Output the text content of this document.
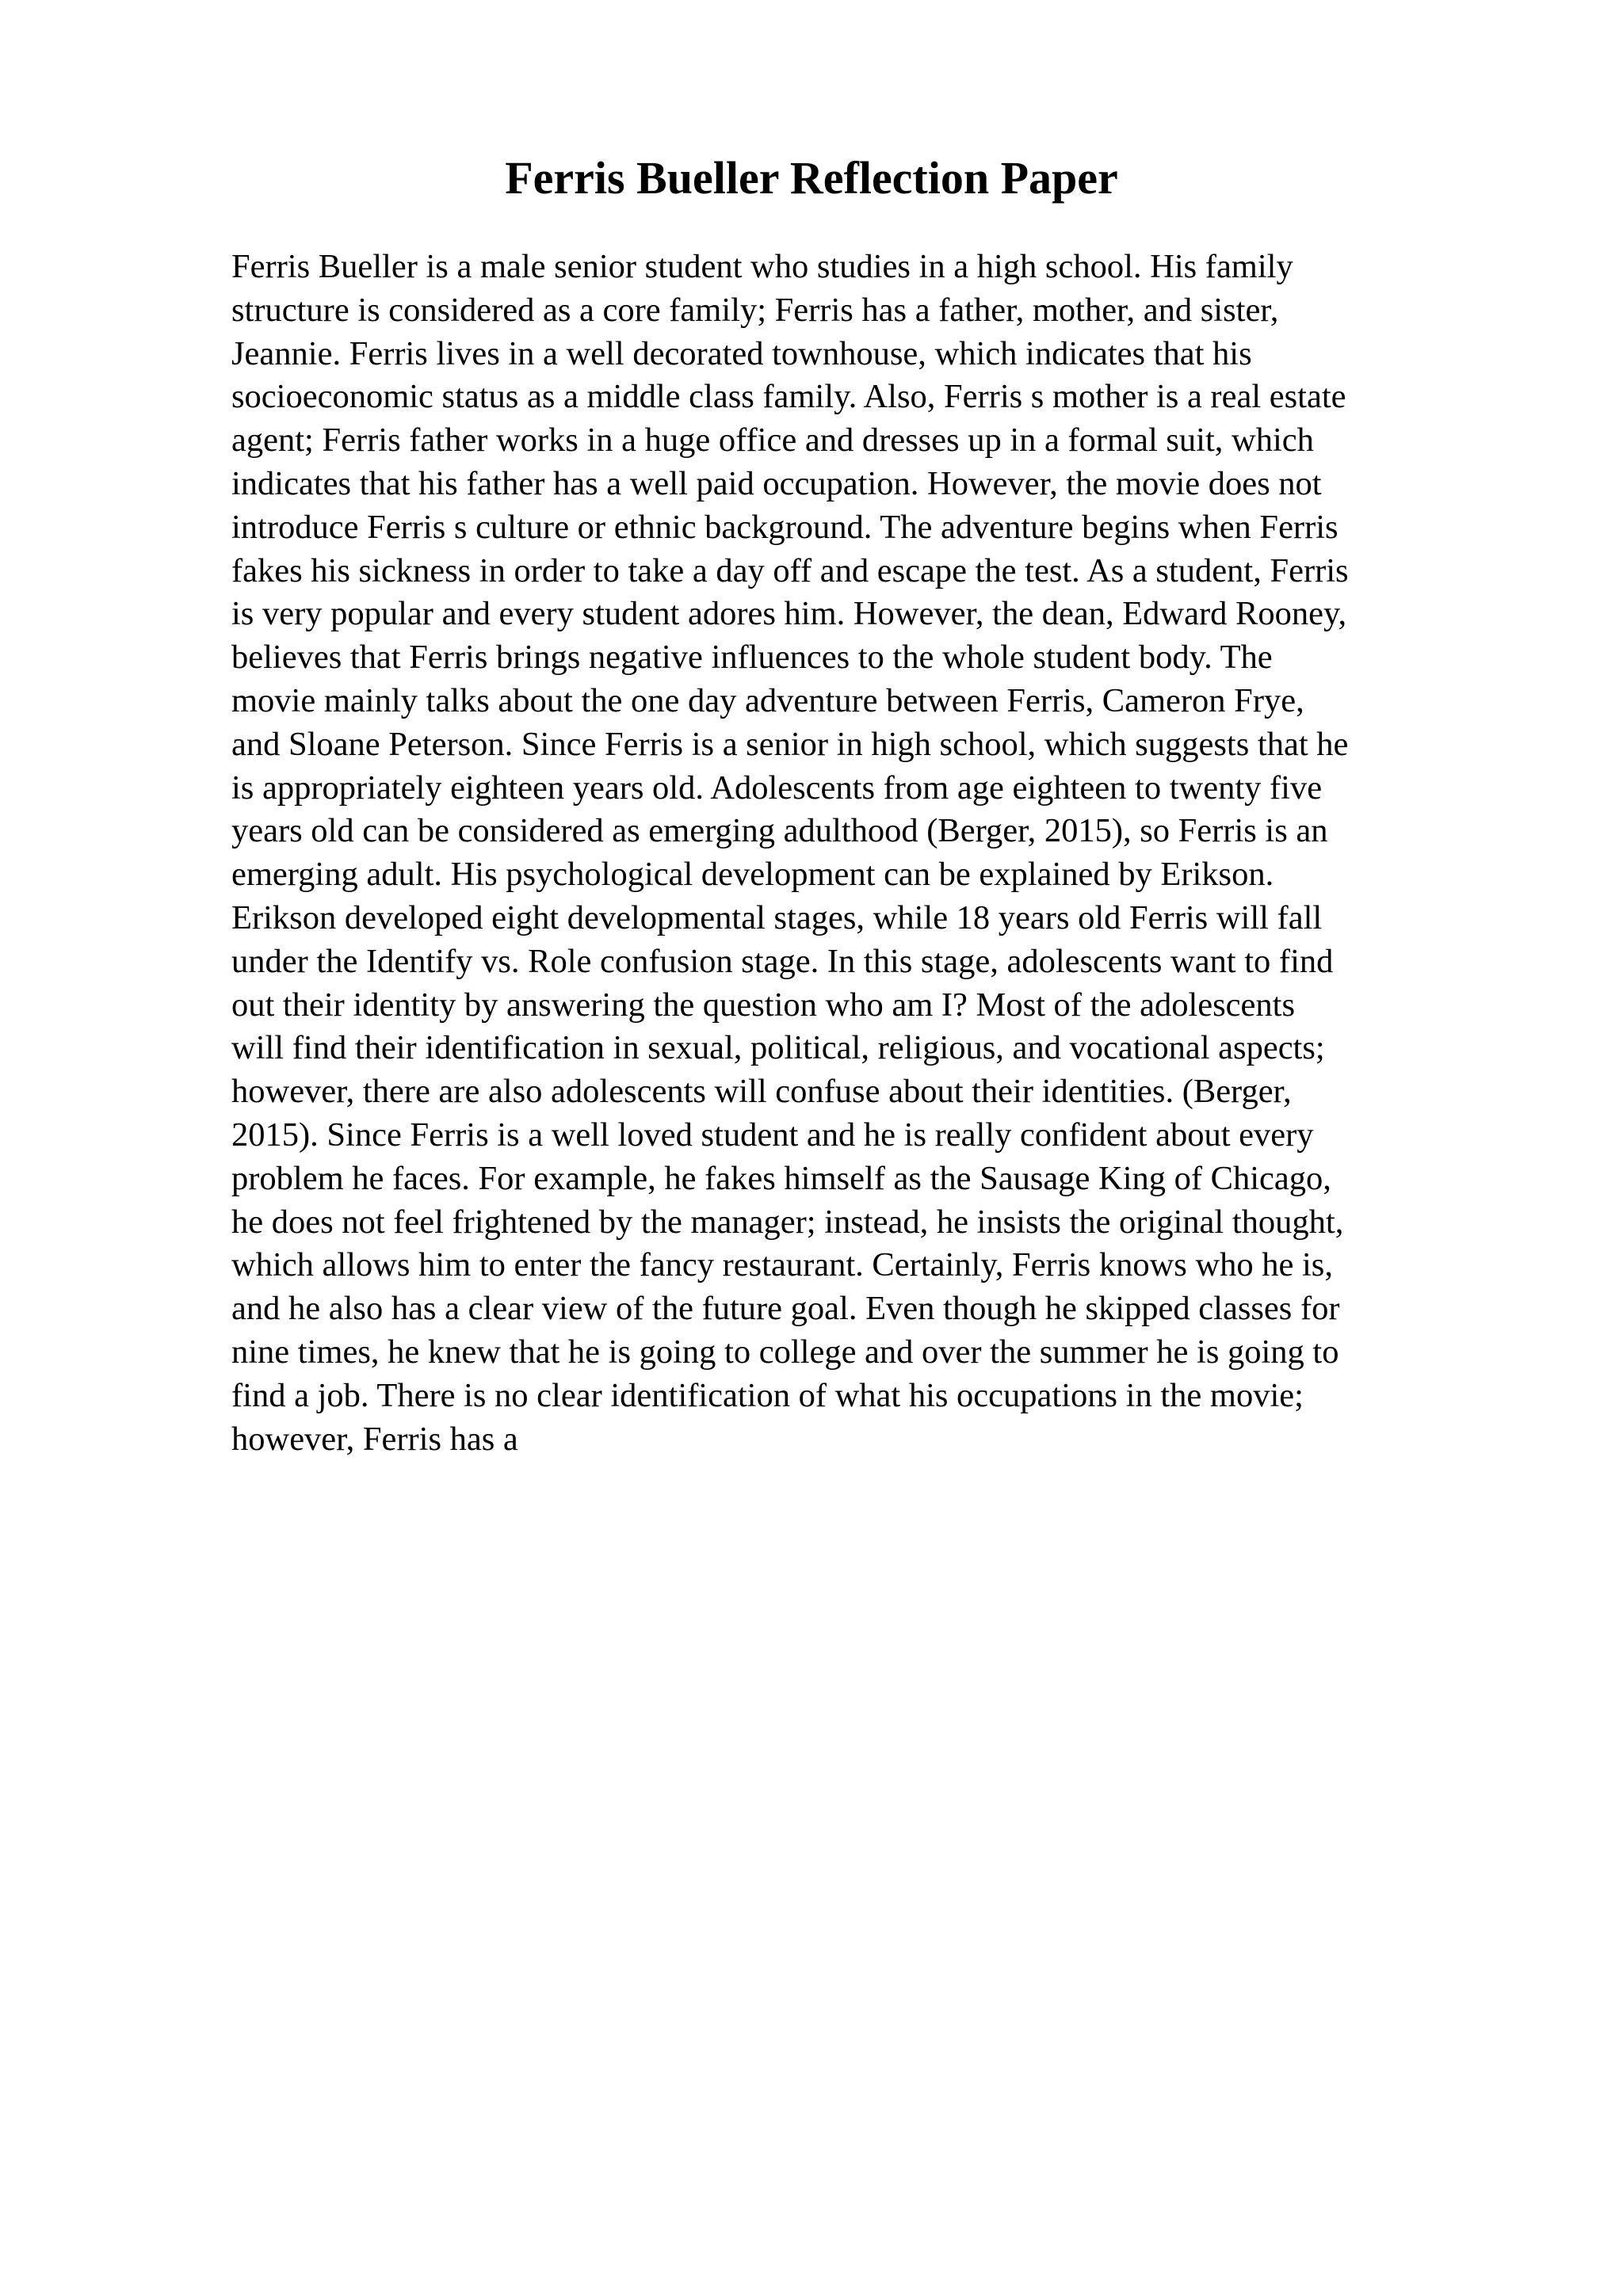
Ferris Bueller Reflection Paper
Ferris Bueller is a male senior student who studies in a high school. His family
structure is considered as a core family; Ferris has a father, mother, and sister,
Jeannie. Ferris lives in a well decorated townhouse, which indicates that his
socioeconomic status as a middle class family. Also, Ferris s mother is a real estate
agent; Ferris father works in a huge office and dresses up in a formal suit, which
indicates that his father has a well paid occupation. However, the movie does not
introduce Ferris s culture or ethnic background. The adventure begins when Ferris
fakes his sickness in order to take a day off and escape the test. As a student, Ferris
is very popular and every student adores him. However, the dean, Edward Rooney,
believes that Ferris brings negative influences to the whole student body. The
movie mainly talks about the one day adventure between Ferris, Cameron Frye,
and Sloane Peterson. Since Ferris is a senior in high school, which suggests that he
is appropriately eighteen years old. Adolescents from age eighteen to twenty five
years old can be considered as emerging adulthood (Berger, 2015), so Ferris is an
emerging adult. His psychological development can be explained by Erikson.
Erikson developed eight developmental stages, while 18 years old Ferris will fall
under the Identify vs. Role confusion stage. In this stage, adolescents want to find
out their identity by answering the question who am I? Most of the adolescents
will find their identification in sexual, political, religious, and vocational aspects;
however, there are also adolescents will confuse about their identities. (Berger,
2015). Since Ferris is a well loved student and he is really confident about every
problem he faces. For example, he fakes himself as the Sausage King of Chicago,
he does not feel frightened by the manager; instead, he insists the original thought,
which allows him to enter the fancy restaurant. Certainly, Ferris knows who he is,
and he also has a clear view of the future goal. Even though he skipped classes for
nine times, he knew that he is going to college and over the summer he is going to
find a job. There is no clear identification of what his occupations in the movie;
however, Ferris has a
